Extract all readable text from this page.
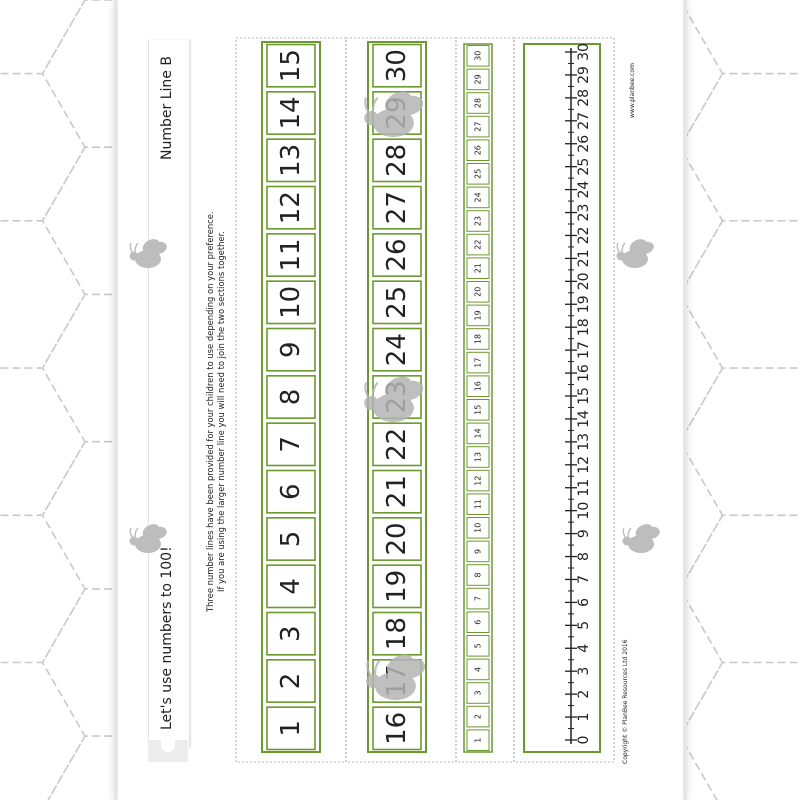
Number Line B
Let's use numbers to 100!
Three number lines have been provided for your children to use depending on your preference. If you are using the larger number line you will need to join the two sections together.
Copyright © PlanBee Resources Ltd 2016
www.planbee.com
1
2
3
4
5
6
7
8
9
10
11
12
13
14
15
16
18
19
20
21
22
24
25
26
27
28
30
1
2
3
4
5
6
7
8
9
10
11
12
13
14
15
16
17
18
19
20
21
22
23
24
25
26
27
28
29
30
0
1
2
3
4
5
6
7
8
9
10
11
12
13
14
15
16
17
18
19
20
21
22
23
24
25
26
27
28
29
30
